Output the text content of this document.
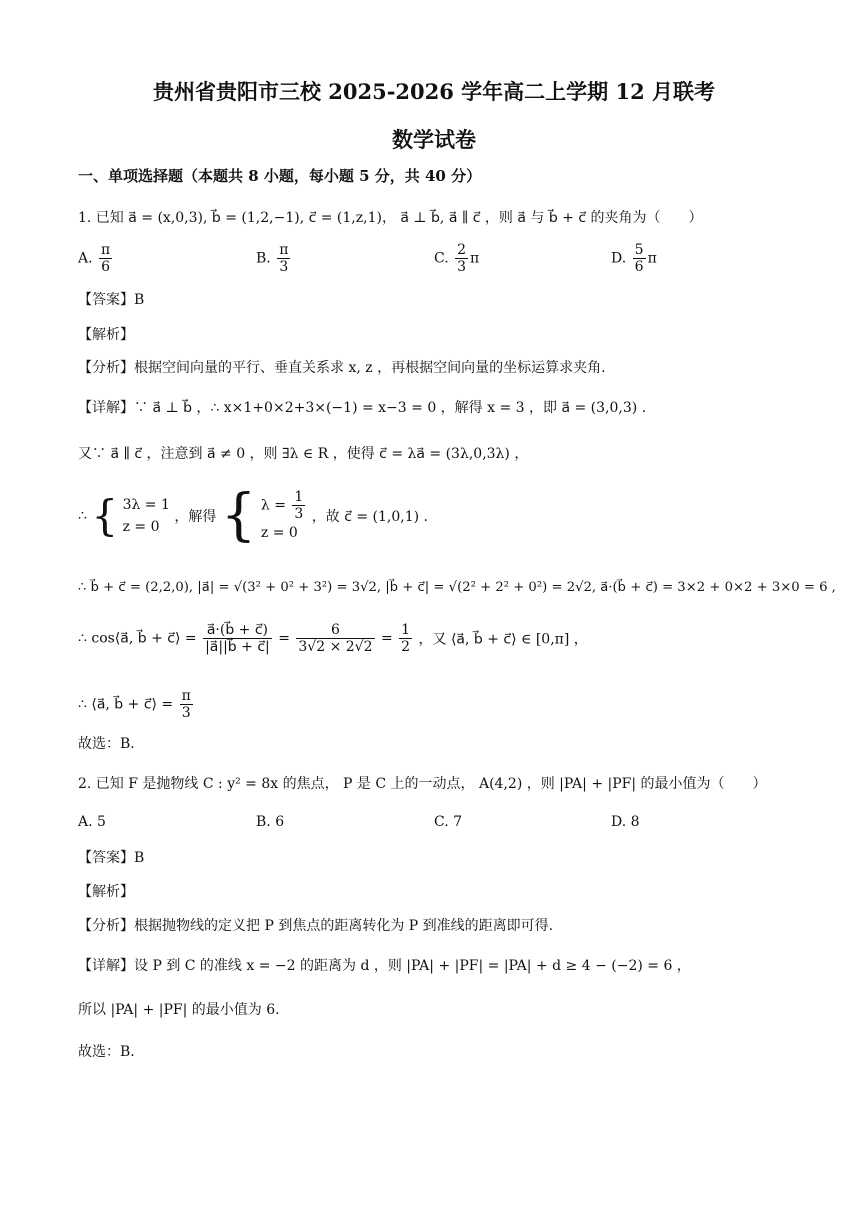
贵州省贵阳市三校 2025-2026 学年高二上学期 12 月联考
数学试卷
一、单项选择题（本题共 8 小题，每小题 5 分，共 40 分）
1. 已知 a⃗ = (x,0,3), b⃗ = (1,2,−1), c⃗ = (1,z,1)， a⃗ ⊥ b⃗, a⃗ ∥ c⃗ ，则 a⃗ 与 b⃗ + c⃗ 的夹角为（　　）
A. $\frac{\pi}{6}$	B. $\frac{\pi}{3}$	C. $\frac{2}{3}$ π	D. $\frac{5}{6}$ π
【答案】B
【解析】
【分析】根据空间向量的平行、垂直关系求 x, z ，再根据空间向量的坐标运算求夹角.
【详解】∵ a⃗ ⊥ b⃗ ，∴ x×1+0×2+3×(−1) = x−3 = 0 ，解得 x = 3 ，即 a⃗ = (3,0,3) .
又∵ a⃗ ∥ c⃗ ，注意到 a⃗ ≠ 0 ，则 ∃λ ∈ R ，使得 c⃗ = λa⃗ = (3λ,0,3λ) ，
∴ { 3λ = 1
z = 0
，解得 { $\lambda = \frac{1}{3}$
z = 0
，故 c⃗ = (1,0,1) .
∴ b⃗ + c⃗ = (2,2,0), |a⃗| = √(3² + 0² + 3²) = 3√2, |b⃗ + c⃗| = √(2² + 2² + 0²) = 2√2, a⃗·(b⃗ + c⃗) = 3×2 + 0×2 + 3×0 = 6 ,
∴ cos⟨a⃗, b⃗ + c⃗⟩ = $\frac{a⃗\cdot(b⃗ + c⃗)}{|a⃗||b⃗ + c⃗|} = \frac{6}{3√2 \times 2√2} = \frac{1}{2}$ ，又 ⟨a⃗, b⃗ + c⃗⟩ ∈ [0,π] ，
∴ ⟨a⃗, b⃗ + c⃗⟩ = $\frac{\pi}{3}$
故选：B.
2. 已知 F 是抛物线 C : y² = 8x 的焦点， P 是 C 上的一动点， A(4,2) ，则 |PA| + |PF| 的最小值为（　　）
A. 5	B. 6	C. 7	D. 8
【答案】B
【解析】
【分析】根据抛物线的定义把 P 到焦点的距离转化为 P 到准线的距离即可得.
【详解】设 P 到 C 的准线 x = −2 的距离为 d ，则 |PA| + |PF| = |PA| + d ≥ 4 − (−2) = 6 ，
所以 |PA| + |PF| 的最小值为 6.
故选：B.
